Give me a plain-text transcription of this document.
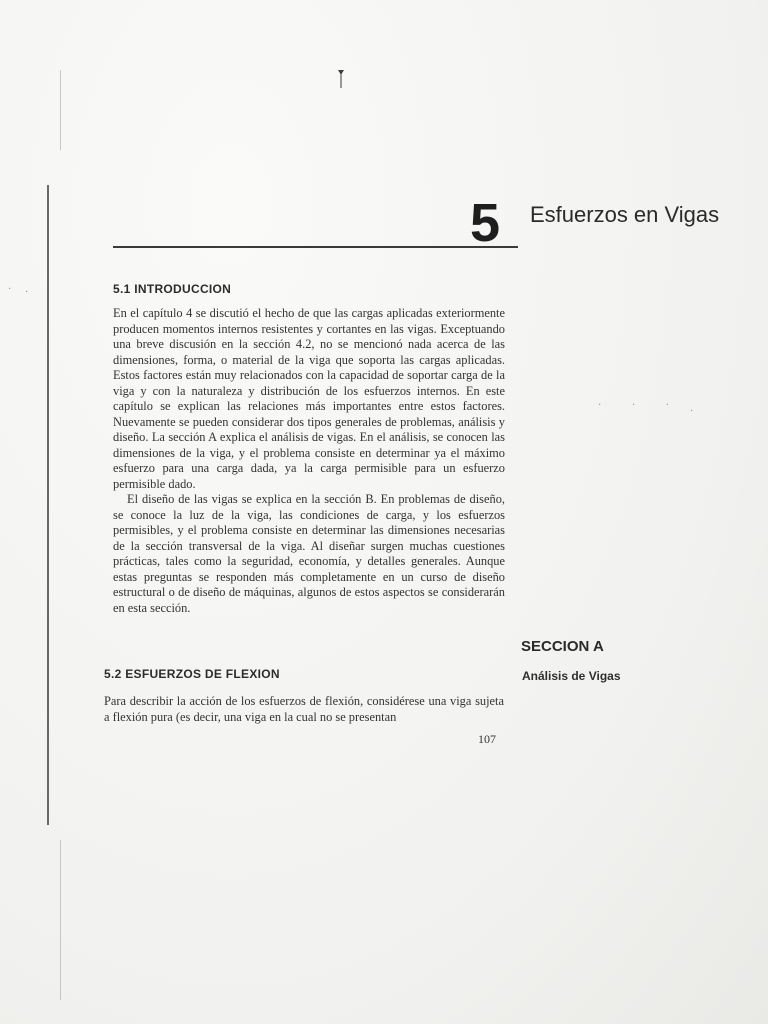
5 Esfuerzos en Vigas
5.1 INTRODUCCION

En el capítulo 4 se discutió el hecho de que las cargas aplicadas exteriormente producen momentos internos resistentes y cortantes en las vigas. Exceptuando una breve discusión en la sección 4.2, no se mencionó nada acerca de las dimensiones, forma, o material de la viga que soporta las cargas aplicadas. Estos factores están muy relacionados con la capacidad de soportar carga de la viga y con la naturaleza y distribución de los esfuerzos internos. En este capítulo se explican las relaciones más importantes entre estos factores. Nuevamente se pueden considerar dos tipos generales de problemas, análisis y diseño. La sección A explica el análisis de vigas. En el análisis, se conocen las dimensiones de la viga, y el problema consiste en determinar ya el máximo esfuerzo para una carga dada, ya la carga permisible para un esfuerzo permisible dado.

El diseño de las vigas se explica en la sección B. En problemas de diseño, se conoce la luz de la viga, las condiciones de carga, y los esfuerzos permisibles, y el problema consiste en determinar las dimensiones necesarias de la sección transversal de la viga. Al diseñar surgen muchas cuestiones prácticas, tales como la seguridad, economía, y detalles generales. Aunque estas preguntas se responden más completamente en un curso de diseño estructural o de diseño de máquinas, algunos de estos aspectos se considerarán en esta sección.

5.2 ESFUERZOS DE FLEXION

Para describir la acción de los esfuerzos de flexión, considérese una viga sujeta a flexión pura (es decir, una viga en la cual no se presentan

SECCION A
Análisis de Vigas
107
· · ·
·
·.
